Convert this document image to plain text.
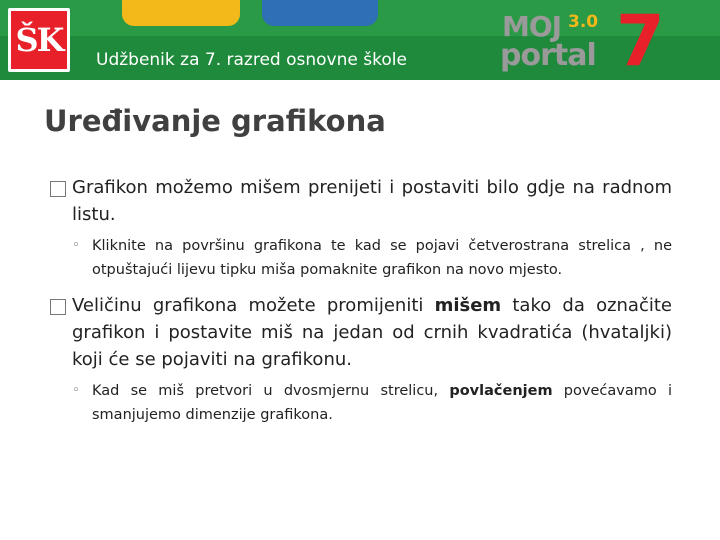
ŠK
Udžbenik za 7. razred osnovne škole
MOJ 3.0
portal 7
Uređivanje grafikona
Grafikon možemo mišem prenijeti i postaviti bilo gdje na radnom listu.
◦ Kliknite na površinu grafikona te kad se pojavi četverostrana strelica , ne otpuštajući lijevu tipku miša pomaknite grafikon na novo mjesto.
Veličinu grafikona možete promijeniti mišem tako da označite grafikon i postavite miš na jedan od crnih kvadratića (hvataljki) koji će se pojaviti na grafikonu.
◦ Kad se miš pretvori u dvosmjernu strelicu, povlačenjem povećavamo i smanjujemo dimenzije grafikona.
